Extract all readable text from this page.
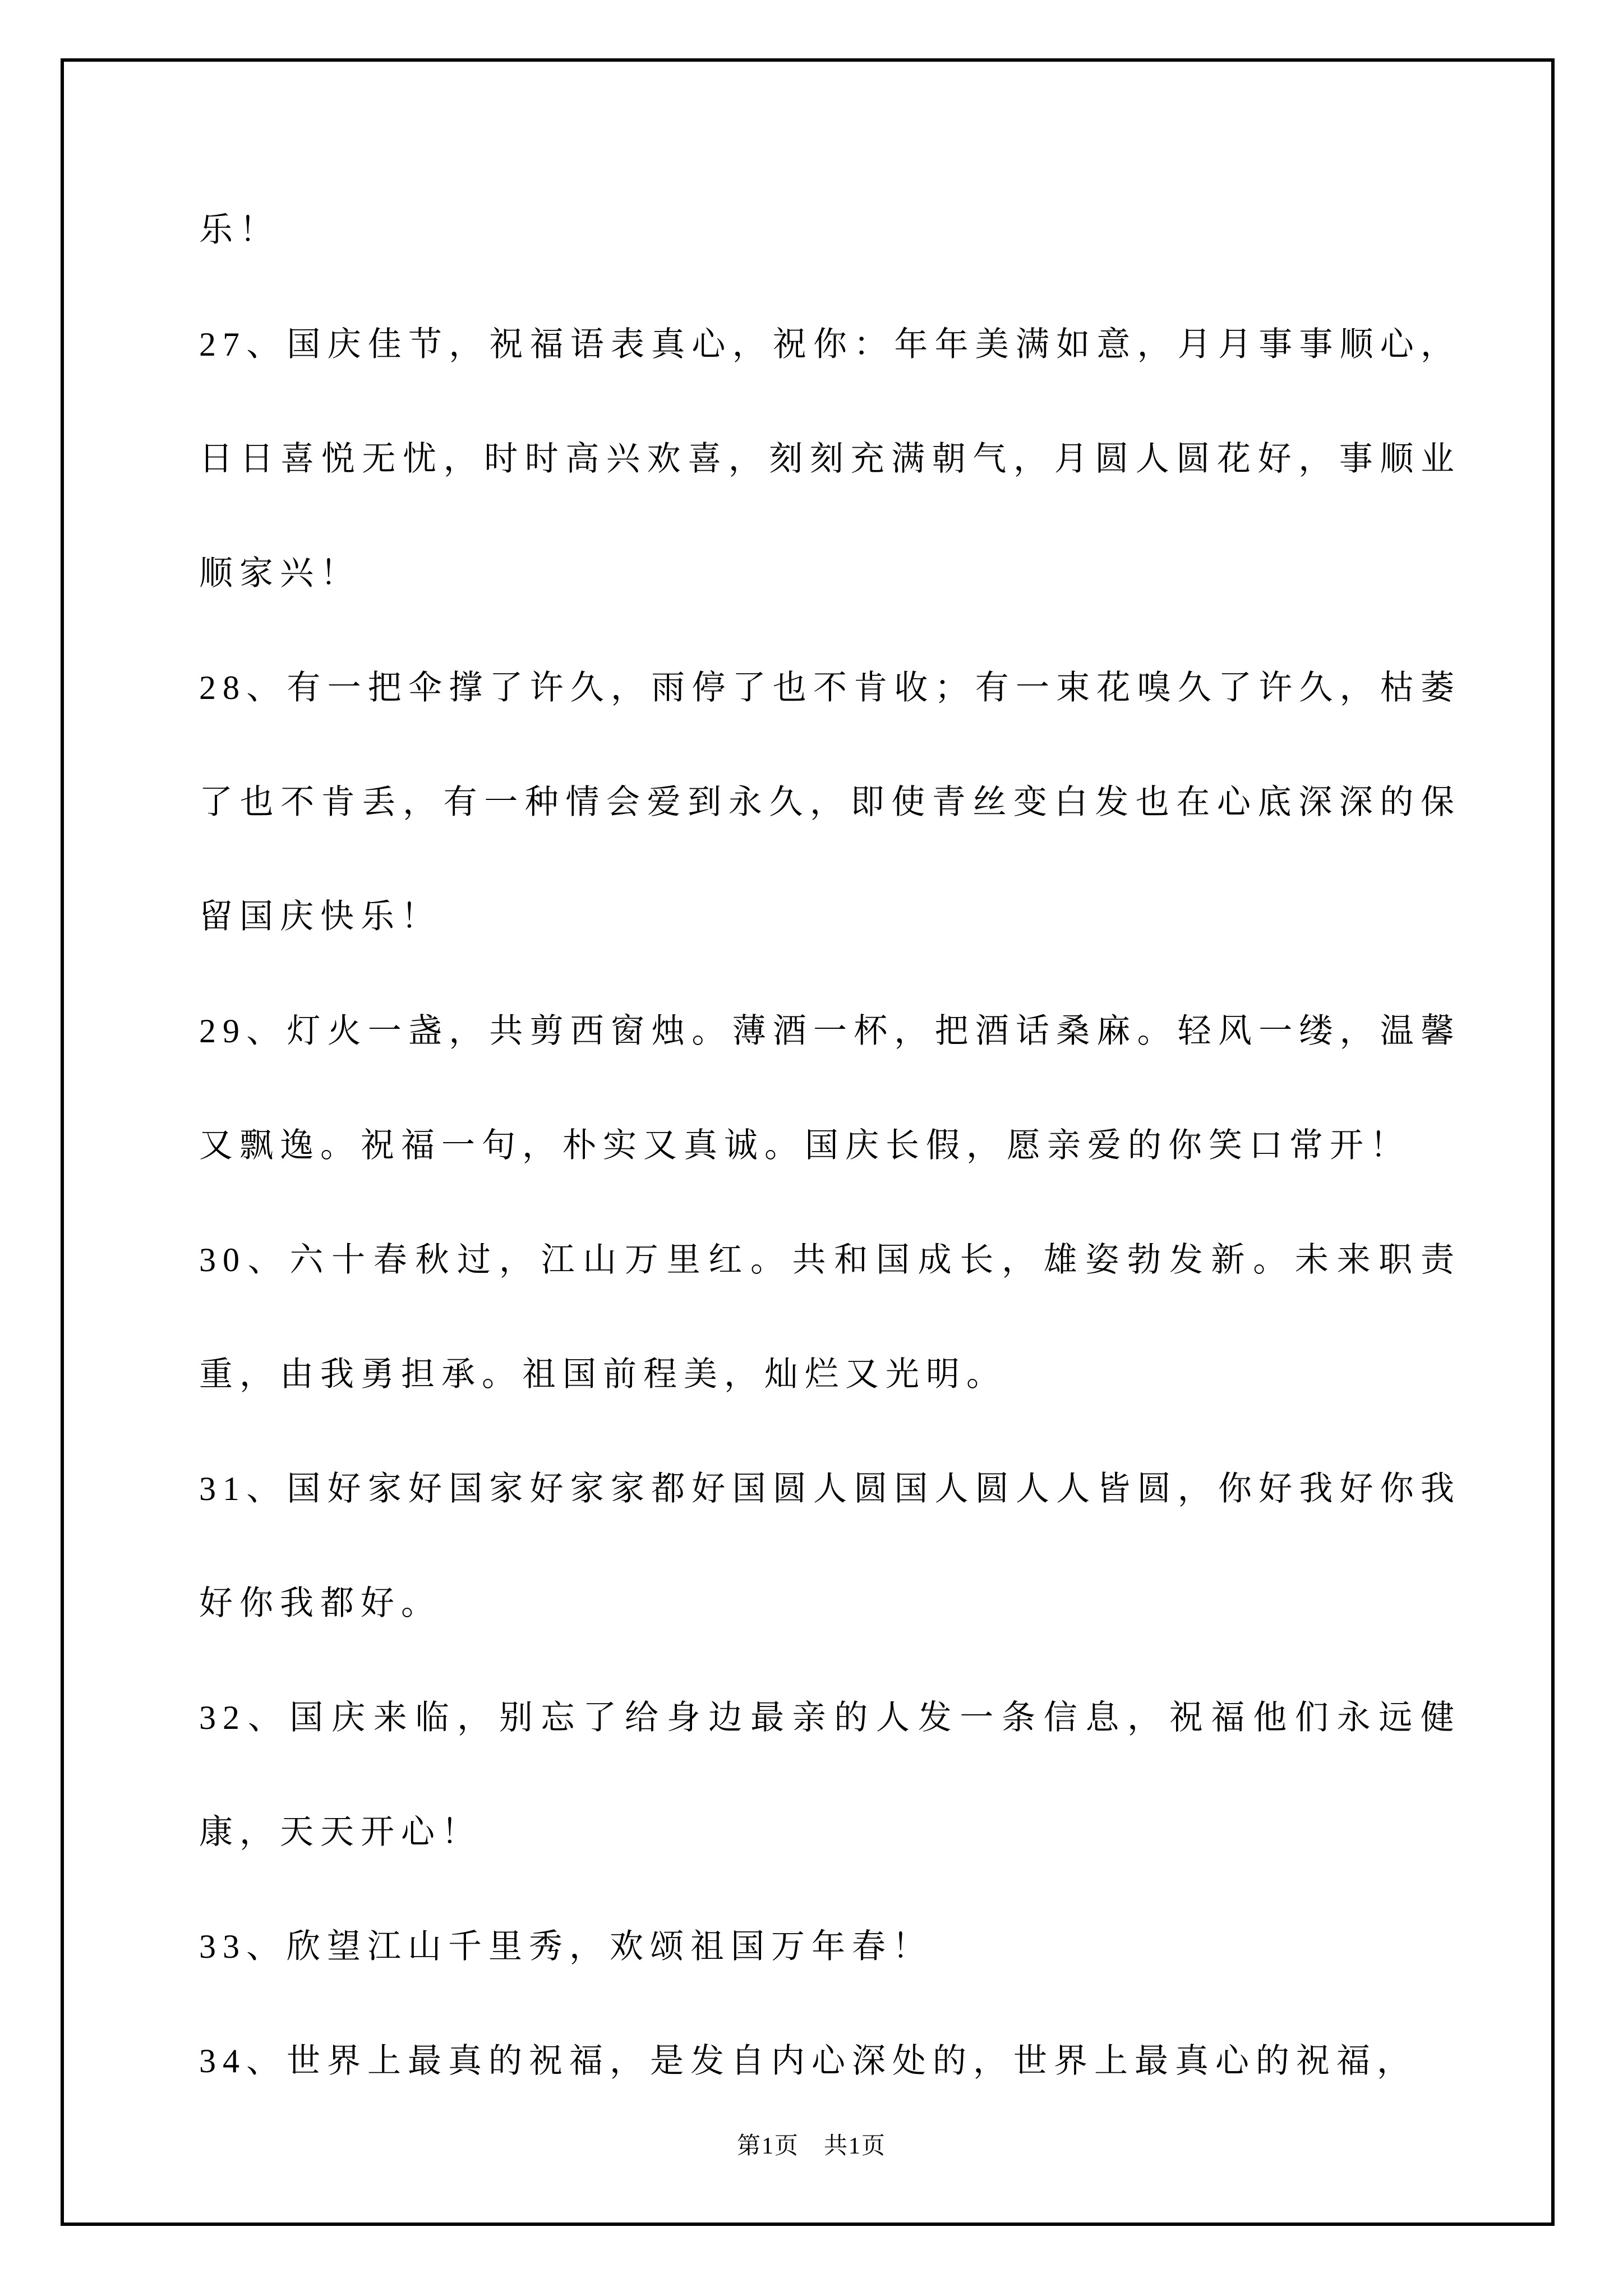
乐！

27、国庆佳节，祝福语表真心，祝你：年年美满如意，月月事事顺心，日日喜悦无忧，时时高兴欢喜，刻刻充满朝气，月圆人圆花好，事顺业顺家兴！

28、有一把伞撑了许久，雨停了也不肯收；有一束花嗅久了许久，枯萎了也不肯丢，有一种情会爱到永久，即使青丝变白发也在心底深深的保留国庆快乐！

29、灯火一盏，共剪西窗烛。薄酒一杯，把酒话桑麻。轻风一缕，温馨又飘逸。祝福一句，朴实又真诚。国庆长假，愿亲爱的你笑口常开！

30、六十春秋过，江山万里红。共和国成长，雄姿勃发新。未来职责重，由我勇担承。祖国前程美，灿烂又光明。

31、国好家好国家好家家都好国圆人圆国人圆人人皆圆，你好我好你我好你我都好。

32、国庆来临，别忘了给身边最亲的人发一条信息，祝福他们永远健康，天天开心！

33、欣望江山千里秀，欢颂祖国万年春！

34、世界上最真的祝福，是发自内心深处的，世界上最真心的祝福，

第1页　共1页
